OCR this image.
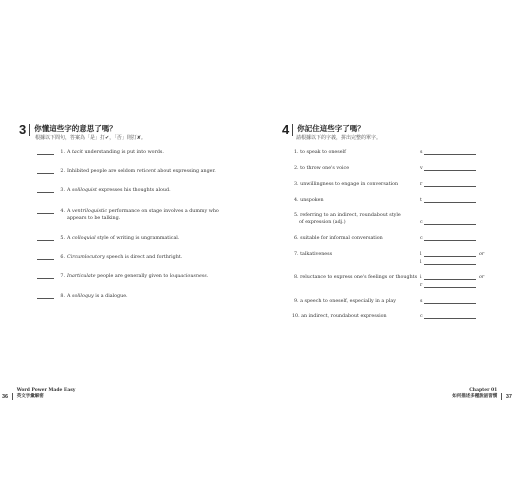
3 你懂這些字的意思了嗎？
根據以下問句，答案為「是」打✔，「否」則打✘。
1. A tacit understanding is put into words.
2. Inhibited people are seldom reticent about expressing anger.
3. A soliloquist expresses his thoughts aloud.
4. A ventriloquistic performance on stage involves a dummy who appears to be talking.
5. A colloquial style of writing is ungrammatical.
6. Circumlocutory speech is direct and forthright.
7. Inarticulate people are generally given to loquaciousness.
8. A soliloquy is a dialogue.
36
Word Power Made Easy
英文字彙解密
4 你記住這些字了嗎？
請根據以下的字義，拼出完整的單字。
1. to speak to oneself	s
2. to throw one's voice	v
3. unwillingness to engage in conversation	r
4. unspoken	t
5. referring to an indirect, roundabout style
of expression (adj.)	c
6. suitable for informal conversation	c
7. talkativeness	l	or
l
8. reluctance to express one's feelings or thoughts i	or
r
9. a speech to oneself, especially in a play	s
10. an indirect, roundabout expression	c
Chapter 01
如何描述多種說話習慣 37
